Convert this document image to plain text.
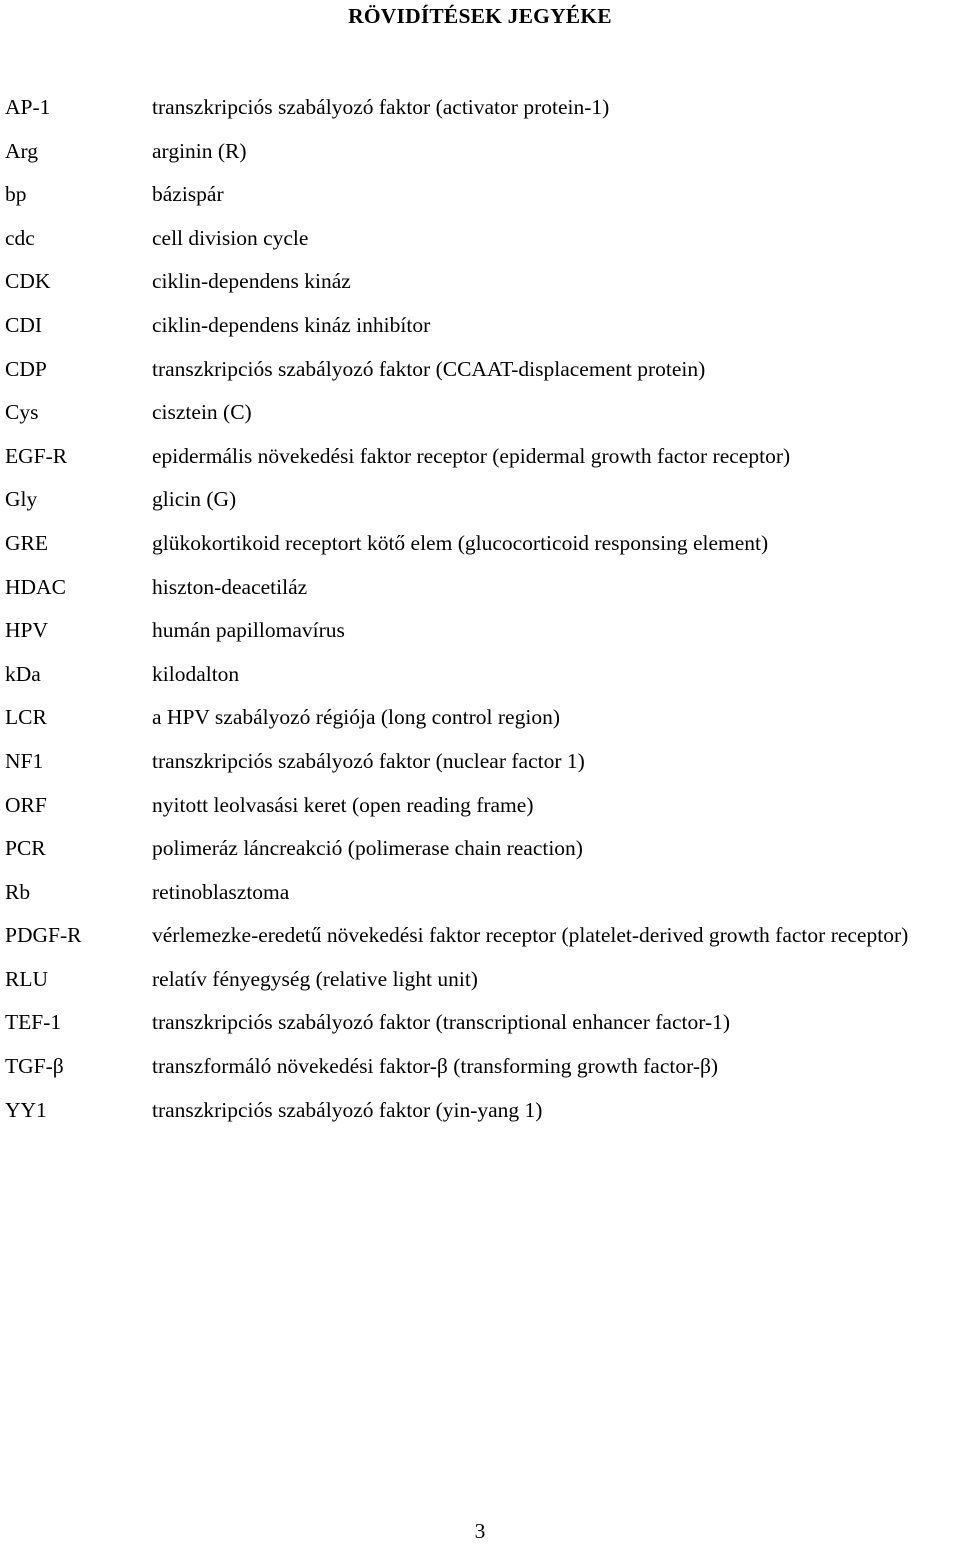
RÖVIDÍTÉSEK JEGYÉKE
AP-1	transzkripciós szabályozó faktor (activator protein-1)
Arg	arginin (R)
bp	bázispár
cdc	cell division cycle
CDK	ciklin-dependens kináz
CDI	ciklin-dependens kináz inhibítor
CDP	transzkripciós szabályozó faktor (CCAAT-displacement protein)
Cys	cisztein (C)
EGF-R	epidermális növekedési faktor receptor (epidermal growth factor receptor)
Gly	glicin (G)
GRE	glükokortikoid receptort kötő elem (glucocorticoid responsing element)
HDAC	hiszton-deacetiláz
HPV	humán papillomavírus
kDa	kilodalton
LCR	a HPV szabályozó régiója (long control region)
NF1	transzkripciós szabályozó faktor (nuclear factor 1)
ORF	nyitott leolvasási keret (open reading frame)
PCR	polimeráz láncreakció (polimerase chain reaction)
Rb	retinoblasztoma
PDGF-R	vérlemezke-eredetű növekedési faktor receptor (platelet-derived growth factor receptor)
RLU	relatív fényegység (relative light unit)
TEF-1	transzkripciós szabályozó faktor (transcriptional enhancer factor-1)
TGF-β	transzformáló növekedési faktor-β (transforming growth factor-β)
YY1	transzkripciós szabályozó faktor (yin-yang 1)
3
